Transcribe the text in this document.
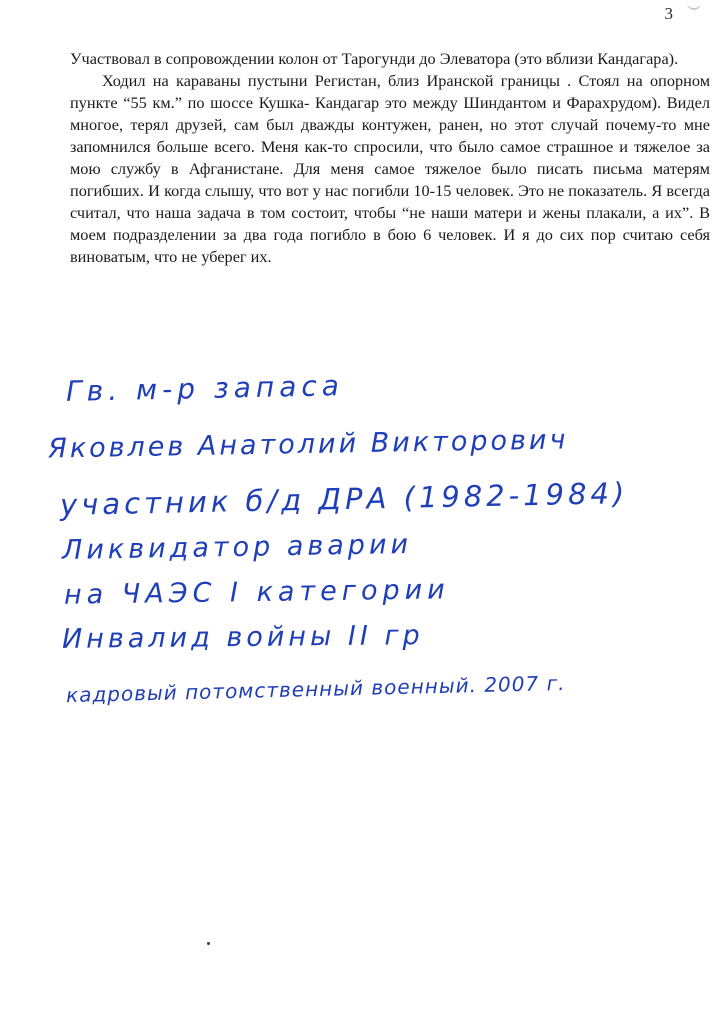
3

Участвовал в сопровождении колон от Тарогунди до Элеватора (это вблизи Кандагара).

Ходил на караваны пустыни Регистан, близ Иранской границы . Стоял на опорном пункте “55 км.” по шоссе Кушка- Кандагар это между Шиндантом и Фарахрудом). Видел многое, терял друзей, сам был дважды контужен, ранен, но этот случай почему-то мне запомнился больше всего. Меня как-то спросили, что было самое страшное и тяжелое за мою службу в Афганистане. Для меня самое тяжелое было писать письма матерям погибших. И когда слышу, что вот у нас погибли 10-15 человек. Это не показатель. Я всегда считал, что наша задача в том состоит, чтобы “не наши матери и жены плакали, а их”. В моем подразделении за два года погибло в бою 6 человек. И я до сих пор считаю себя виноватым, что не уберег их.

Гв. м-р запаса
Яковлев Анатолий Викторович
участник б/д ДРА (1982-1984)
Ликвидатор аварии
на ЧАЭС I категории
Инвалид войны II гр
кадровый потомственный военный. 2007 г.
